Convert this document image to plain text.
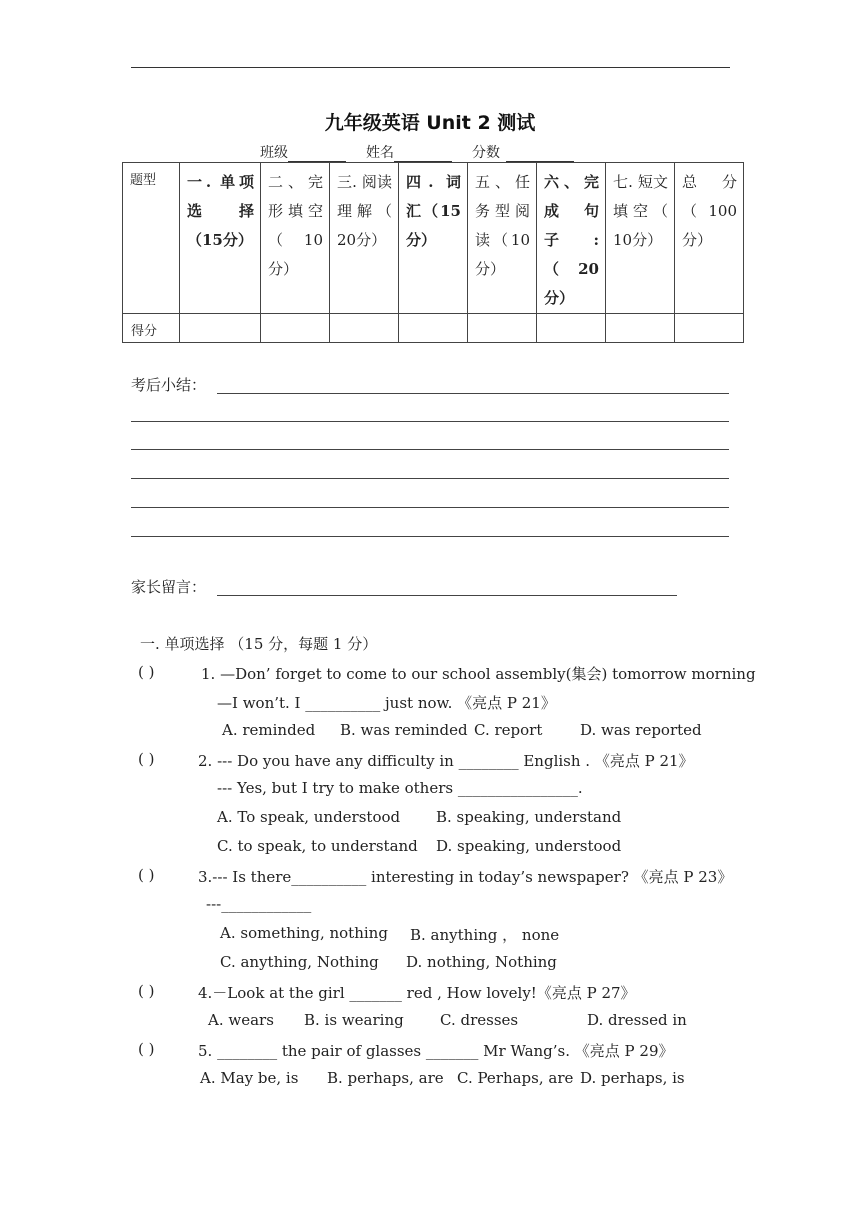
九年级英语 Unit 2 测试
班级	姓名	分数
题型	一. 单项选　择（15分）	二、完形填空（　10分）	三. 阅读理解（　20分）	四. 词汇（15分）	五、任务型阅读（10分）	六、完成　句子:（20分）	七. 短文填空（　10分）	总　分（ 100分）

得分								

考后小结：
家长留言：
一. 单项选择 （15 分，每题 1 分）
( )	1. —Don’ forget to come to our school assembly(集会) tomorrow morning
—I won’t. I __________ just now. 《亮点 P 21》
A. reminded B. was reminded C. report	D. was reported
( )	2. --- Do you have any difficulty in ________ English . 《亮点 P 21》
--- Yes, but I try to make others ________________.
A. To speak, understood B. speaking, understand
C. to speak, to understand D. speaking, understood
( )	3.--- Is there__________ interesting in today’s newspaper? 《亮点 P 23》
---____________
A. something, nothing B. anything ， none
C. anything, Nothing D. nothing, Nothing
( )	4.－Look at the girl _______ red , How lovely!《亮点 P 27》
A. wears B. is wearing C. dresses	D. dressed in
( )	5. ________ the pair of glasses _______ Mr Wang’s. 《亮点 P 29》
A. May be, is B. perhaps, are C. Perhaps, are D. perhaps, is
